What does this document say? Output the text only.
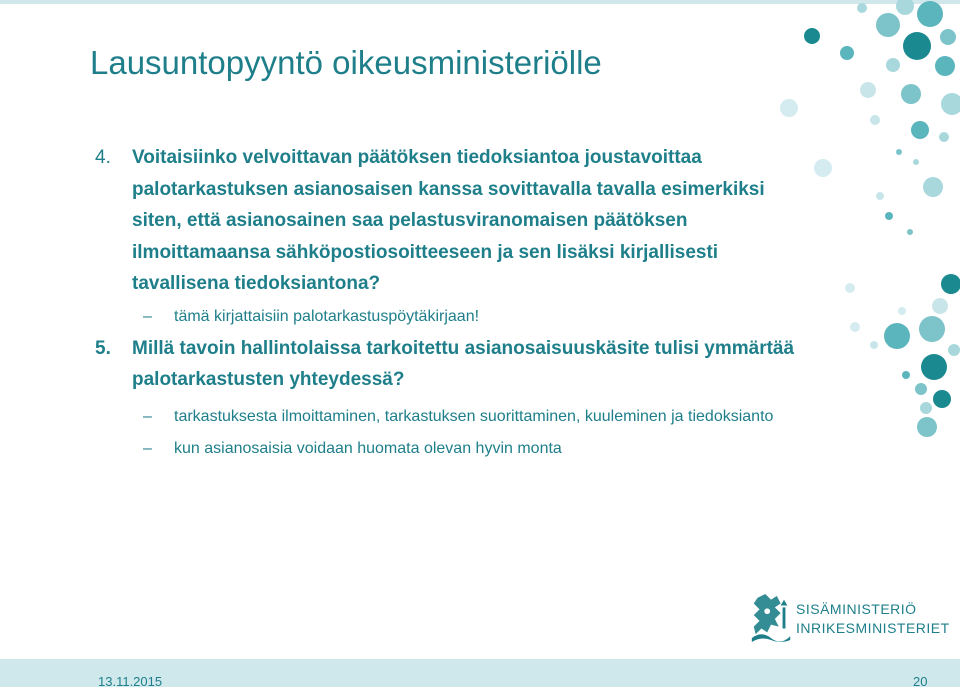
Lausuntopyyntö oikeusministeriölle
4. Voitaisiinko velvoittavan päätöksen tiedoksiantoa joustavoittaa palotarkastuksen asianosaisen kanssa sovittavalla tavalla esimerkiksi siten, että asianosainen saa pelastusviranomaisen päätöksen ilmoittamaansa sähköpostiosoitteeseen ja sen lisäksi kirjallisesti tavallisena tiedoksiantona?
– tämä kirjattaisiin palotarkastuspöytäkirjaan!
5. Millä tavoin hallintolaissa tarkoitettu asianosaisuuskäsite tulisi ymmärtää palotarkastusten yhteydessä?
– tarkastuksesta ilmoittaminen, tarkastuksen suorittaminen, kuuleminen ja tiedoksianto
– kun asianosaisia voidaan huomata olevan hyvin monta
SISÄMINISTERIÖ
INRIKESMINISTERIET
13.11.2015	20
